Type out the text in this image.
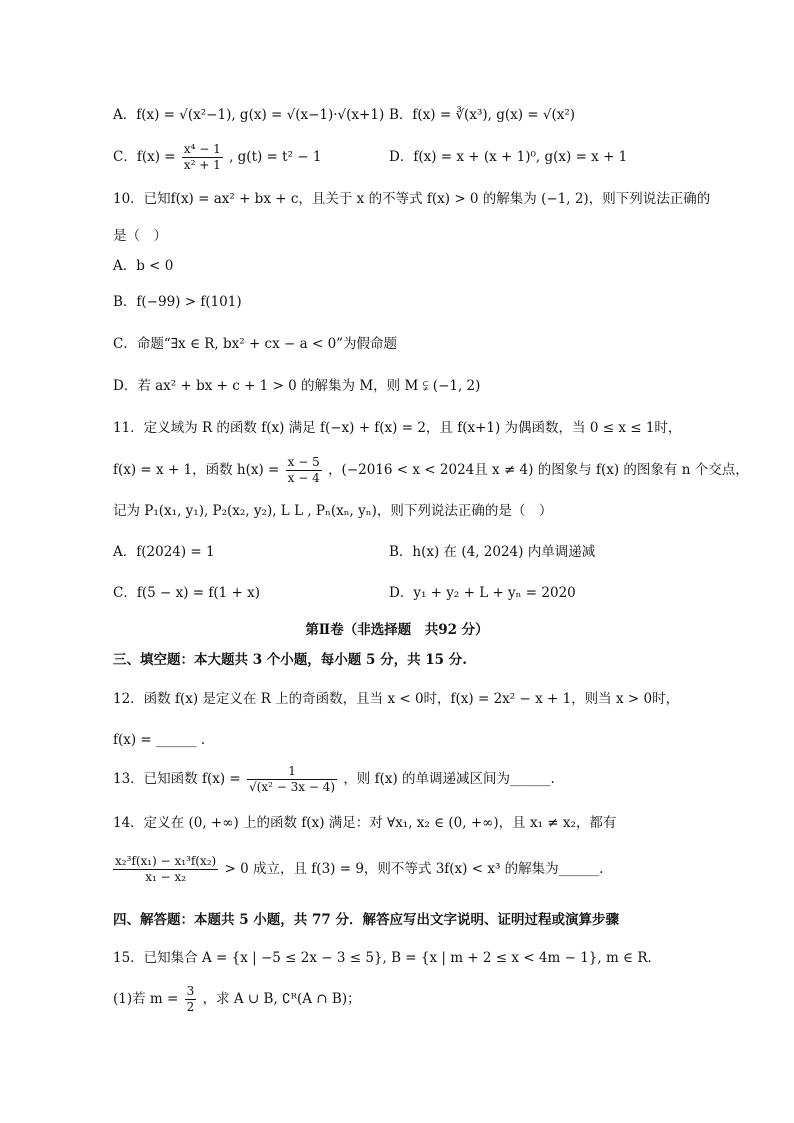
A．f(x) = √(x²−1), g(x) = √(x−1)·√(x+1) B．f(x) = ∛(x³), g(x) = √(x²)
C．$f(x) = \frac{\text{x⁴ − 1}}{\text{x² + 1}}$ , g(t) = t² − 1	D．f(x) = x + (x + 1)⁰, g(x) = x + 1
10．已知f(x) = ax² + bx + c，且关于 x 的不等式 f(x) > 0 的解集为 (−1, 2)，则下列说法正确的
是（　）
A．b < 0
B．f(−99) > f(101)
C．命题“∃x ∈ R, bx² + cx − a < 0”为假命题
D．若 ax² + bx + c + 1 > 0 的解集为 M，则 M ⫋ (−1, 2)
11．定义域为 R 的函数 f(x) 满足 f(−x) + f(x) = 2，且 f(x+1) 为偶函数，当 0 ≤ x ≤ 1时，
f(x) = x + 1，函数 $h(x) = \frac{x - 5}{x - 4}$ ，(−2016 < x < 2024且 x ≠ 4) 的图象与 f(x) 的图象有 n 个交点，
记为 P₁(x₁, y₁), P₂(x₂, y₂), L L , Pₙ(xₙ, yₙ)，则下列说法正确的是（　）
A．f(2024) = 1	B．h(x) 在 (4, 2024) 内单调递减
C．f(5 − x) = f(1 + x)	D．y₁ + y₂ + L + yₙ = 2020
第Ⅱ卷（非选择题　共92 分）
三、填空题：本大题共 3 个小题，每小题 5 分，共 15 分.
12．函数 f(x) 是定义在 R 上的奇函数，且当 x < 0时，f(x) = 2x² − x + 1，则当 x > 0时，
f(x) = ______ .
13．已知函数 $f(x) = \frac{1}{\text{√(x² − 3x − 4)}}$ ，则 f(x) 的单调递减区间为______.
14．定义在 (0, +∞) 上的函数 f(x) 满足：对 ∀x₁, x₂ ∈ (0, +∞)，且 x₁ ≠ x₂，都有
$\frac{\text{x₂³f(x₁) − x₁³f(x₂)}}{\text{x₁ − x₂}} > 0$ 成立，且 f(3) = 9，则不等式 3f(x) < x³ 的解集为______.
四、解答题：本题共 5 小题，共 77 分．解答应写出文字说明、证明过程或演算步骤
15．已知集合 A = {x | −5 ≤ 2x − 3 ≤ 5}, B = {x | m + 2 ≤ x < 4m − 1}, m ∈ R．
(1)若 $m = \frac{3}{2}$ ，求 A ∪ B, ∁ᴿ(A ∩ B)；
